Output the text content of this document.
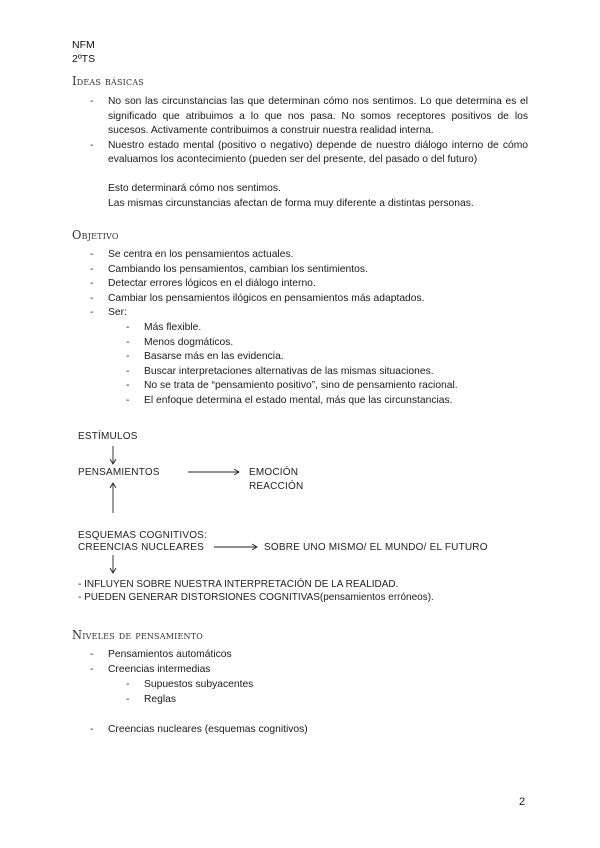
NFM
2ºTS
Ideas básicas
- No son las circunstancias las que determinan cómo nos sentimos. Lo que determina es el significado que atribuimos a lo que nos pasa. No somos receptores positivos de los sucesos. Activamente contribuimos a construir nuestra realidad interna.
- Nuestro estado mental (positivo o negativo) depende de nuestro diálogo interno de cómo evaluamos los acontecimiento (pueden ser del presente, del pasado o del futuro)
Esto determinará cómo nos sentimos.
Las mismas circunstancias afectan de forma muy diferente a distintas personas.
Objetivo
- Se centra en los pensamientos actuales.
- Cambiando los pensamientos, cambian los sentimientos.
- Detectar errores lógicos en el diálogo interno.
- Cambiar los pensamientos ilógicos en pensamientos más adaptados.
- Ser:
- Más flexible.
- Menos dogmáticos.
- Basarse más en las evidencia.
- Buscar interpretaciones alternativas de las mismas situaciones.
- No se trata de “pensamiento positivo”, sino de pensamiento racional.
- El enfoque determina el estado mental, más que las circunstancias.
ESTÍMULOS
PENSAMIENTOS	EMOCIÓN
REACCIÓN
ESQUEMAS COGNITIVOS:
CREENCIAS NUCLEARES	SOBRE UNO MISMO/ EL MUNDO/ EL FUTURO
- INFLUYEN SOBRE NUESTRA INTERPRETACIÓN DE LA REALIDAD.
- PUEDEN GENERAR DISTORSIONES COGNITIVAS(pensamientos erróneos).
Niveles de pensamiento
- Pensamientos automáticos
- Creencias intermedias
- Supuestos subyacentes
- Reglas
- Creencias nucleares (esquemas cognitivos)
2
